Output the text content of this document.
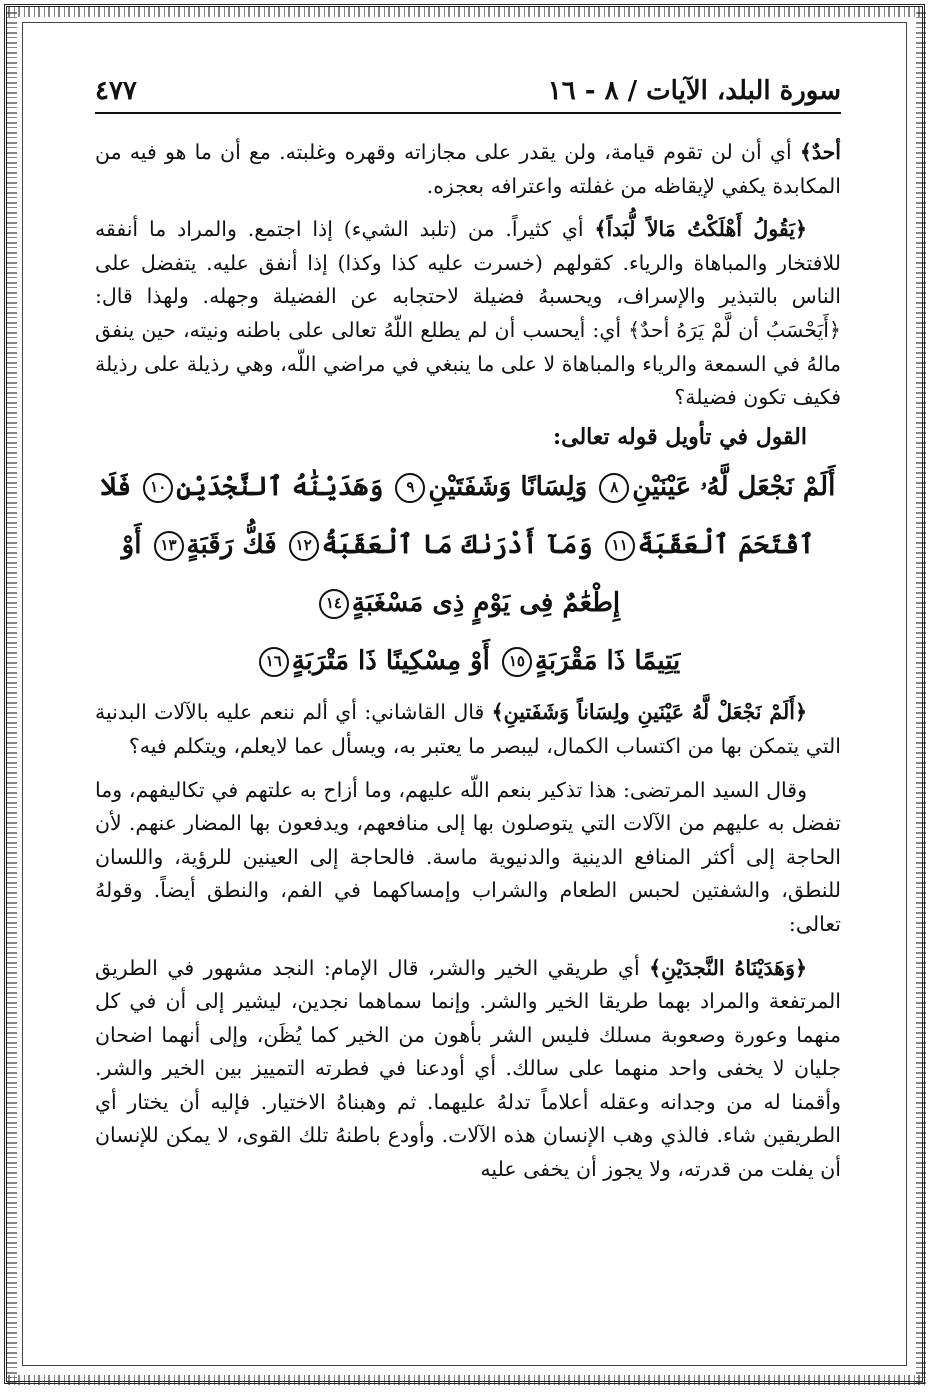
سورة البلد، الآيات / ٨ - ١٦
٤٧٧

أحدٌ﴾ أي أن لن تقوم قيامة، ولن يقدر على مجازاته وقهره وغلبته. مع أن ما هو فيه من المكابدة يكفي لإيقاظه من غفلته واعترافه بعجزه.

﴿يَقُولُ أَهْلَكْتُ مَالاً لُّبَداً﴾ أي كثيراً. من (تلبد الشيء) إذا اجتمع. والمراد ما أنفقه للافتخار والمباهاة والرياء. كقولهم (خسرت عليه كذا وكذا) إذا أنفق عليه. يتفضل على الناس بالتبذير والإسراف، ويحسبهُ فضيلة لاحتجابه عن الفضيلة وجهله. ولهذا قال: ﴿أَيَحْسَبُ أن لَّمْ يَرَهُ أحدٌ﴾ أي: أيحسب أن لم يطلع اللّهُ تعالى على باطنه ونيته، حين ينفق مالهُ في السمعة والرياء والمباهاة لا على ما ينبغي في مراضي اللّه، وهي رذيلة على رذيلة فكيف تكون فضيلة؟

القول في تأويل قوله تعالى:
أَلَمْ نَجْعَل لَّهُۥ عَيْنَيْنِ٨ وَلِسَانًا وَشَفَتَيْنِ٩ وَهَدَيْنَٰهُ ٱلنَّجْدَيْنِ١٠ فَلَا ٱقْتَحَمَ ٱلْعَقَبَةَ١١ وَمَآ أَدْرَىٰكَ مَا ٱلْعَقَبَةُ١٢ فَكُّ رَقَبَةٍ١٣ أَوْ إِطْعَٰمٌ فِى يَوْمٍ ذِى مَسْغَبَةٍ١٤
يَتِيمًا ذَا مَقْرَبَةٍ١٥ أَوْ مِسْكِينًا ذَا مَتْرَبَةٍ١٦

﴿أَلَمْ نَجْعَلْ لَّهُ عَيْنَينِ ولِسَاناً وَشَفَتينِ﴾ قال القاشاني: أي ألم ننعم عليه بالآلات البدنية التي يتمكن بها من اكتساب الكمال، ليبصر ما يعتبر به، ويسأل عما لايعلم، ويتكلم فيه؟

وقال السيد المرتضى: هذا تذكير بنعم اللّه عليهم، وما أزاح به علتهم في تكاليفهم، وما تفضل به عليهم من الآلات التي يتوصلون بها إلى منافعهم، ويدفعون بها المضار عنهم. لأن الحاجة إلى أكثر المنافع الدينية والدنيوية ماسة. فالحاجة إلى العينين للرؤية، واللسان للنطق، والشفتين لحبس الطعام والشراب وإمساكهما في الفم، والنطق أيضاً. وقولهُ تعالى:

﴿وَهَدَيْنَاهُ النَّجدَيْنِ﴾ أي طريقي الخير والشر، قال الإمام: النجد مشهور في الطريق المرتفعة والمراد بهما طريقا الخير والشر. وإنما سماهما نجدين، ليشير إلى أن في كل منهما وعورة وصعوبة مسلك فليس الشر بأهون من الخير كما يُظَن، وإلى أنهما اضحان جليان لا يخفى واحد منهما على سالك. أي أودعنا في فطرته التمييز بين الخير والشر. وأقمنا له من وجدانه وعقله أعلاماً تدلهُ عليهما. ثم وهبناهُ الاختيار. فإليه أن يختار أي الطريقين شاء. فالذي وهب الإنسان هذه الآلات. وأودع باطنهُ تلك القوى، لا يمكن للإنسان أن يفلت من قدرته، ولا يجوز أن يخفى عليه
